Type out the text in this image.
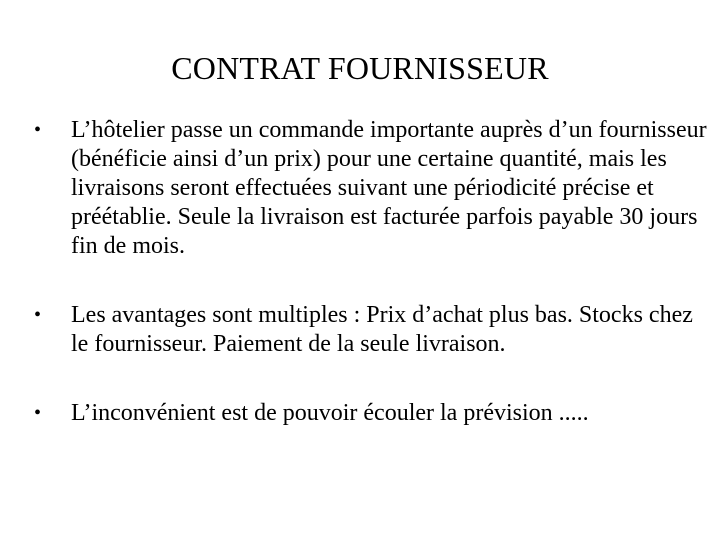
CONTRAT FOURNISSEUR
•	L’hôtelier passe un commande importante auprès d’un fournisseur (bénéficie ainsi d’un prix) pour une certaine quantité, mais les livraisons seront effectuées suivant une périodicité précise et préétablie. Seule la livraison est facturée parfois payable 30 jours fin de mois.
•	Les avantages sont multiples : Prix d’achat plus bas. Stocks chez le fournisseur. Paiement de la seule livraison.
•	L’inconvénient est de pouvoir écouler la prévision .....
